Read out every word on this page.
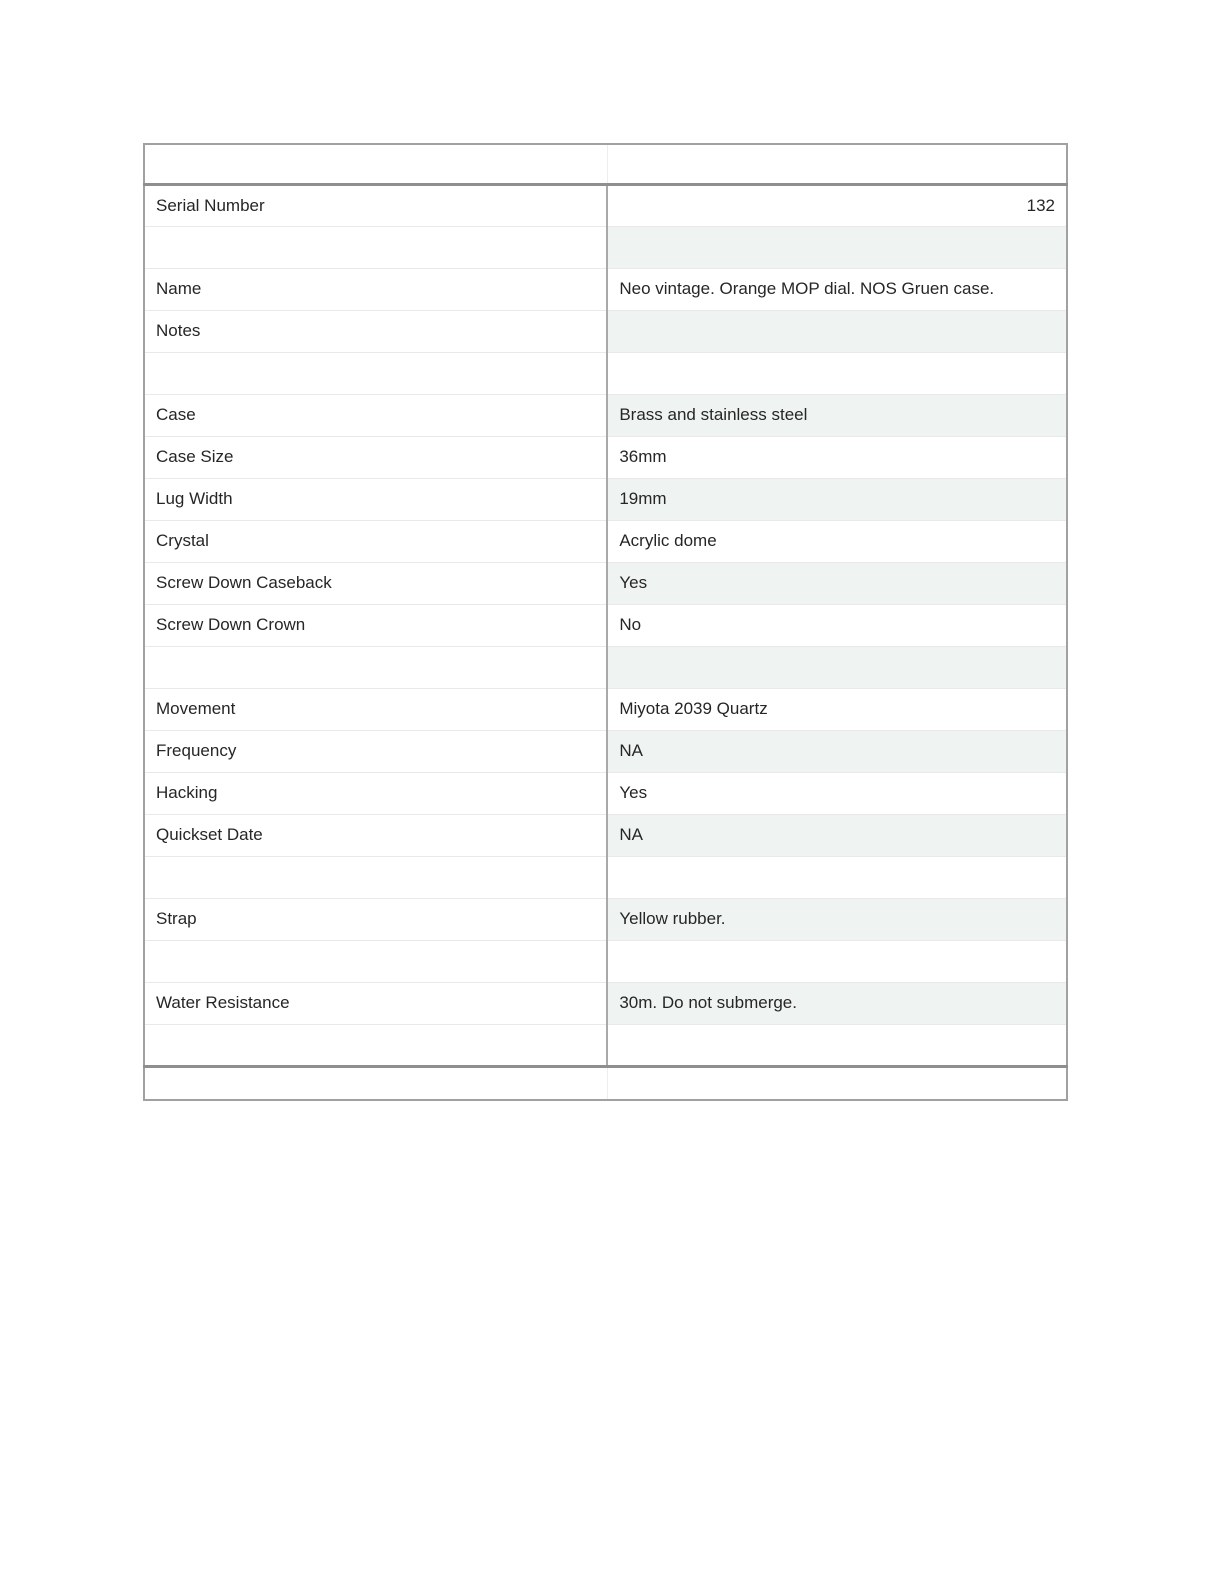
Serial Number	132

Name	Neo vintage. Orange MOP dial. NOS Gruen case.
Notes	

Case	Brass and stainless steel
Case Size	36mm
Lug Width	19mm
Crystal	Acrylic dome
Screw Down Caseback	Yes
Screw Down Crown	No

Movement	Miyota 2039 Quartz
Frequency	NA
Hacking	Yes
Quickset Date	NA

Strap	Yellow rubber.

Water Resistance	30m. Do not submerge.
